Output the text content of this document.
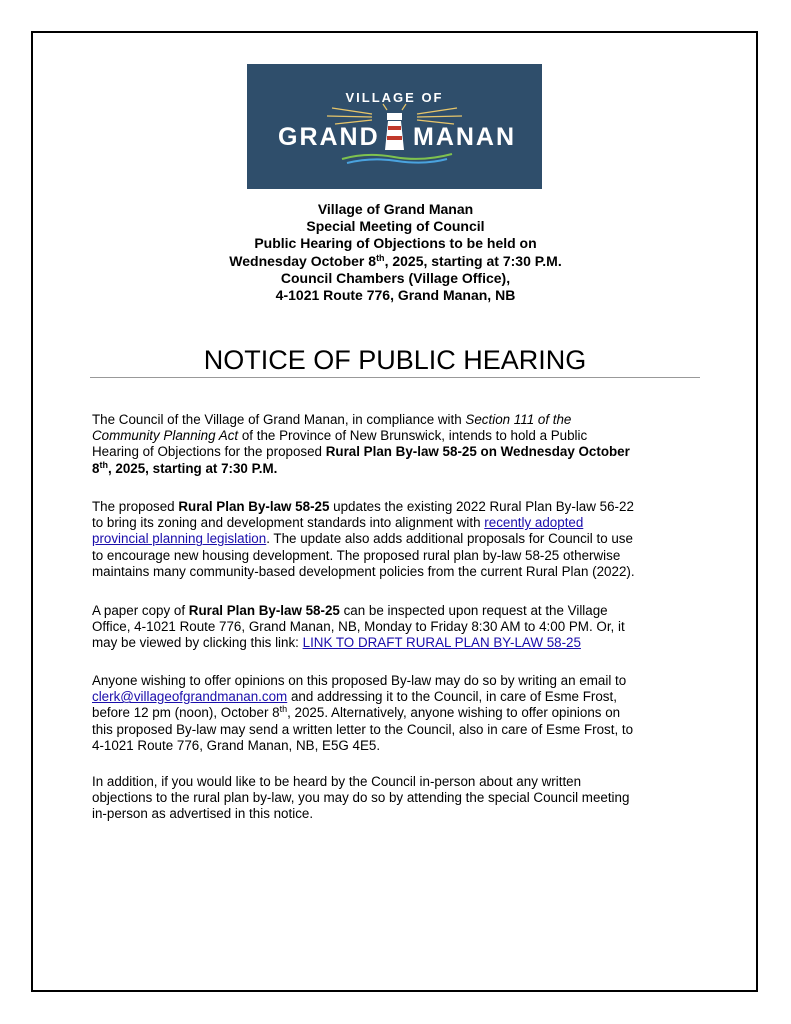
VILLAGE OF
GRAND MANAN
Village of Grand Manan
Special Meeting of Council
Public Hearing of Objections to be held on
Wednesday October 8th, 2025, starting at 7:30 P.M.
Council Chambers (Village Office),
4-1021 Route 776, Grand Manan, NB
NOTICE OF PUBLIC HEARING
The Council of the Village of Grand Manan, in compliance with Section 111 of the
Community Planning Act of the Province of New Brunswick, intends to hold a Public
Hearing of Objections for the proposed Rural Plan By-law 58-25 on Wednesday October
8th, 2025, starting at 7:30 P.M.
The proposed Rural Plan By-law 58-25 updates the existing 2022 Rural Plan By-law 56-22
to bring its zoning and development standards into alignment with recently adopted
provincial planning legislation. The update also adds additional proposals for Council to use
to encourage new housing development. The proposed rural plan by-law 58-25 otherwise
maintains many community-based development policies from the current Rural Plan (2022).
A paper copy of Rural Plan By-law 58-25 can be inspected upon request at the Village
Office, 4-1021 Route 776, Grand Manan, NB, Monday to Friday 8:30 AM to 4:00 PM. Or, it
may be viewed by clicking this link: LINK TO DRAFT RURAL PLAN BY-LAW 58-25
Anyone wishing to offer opinions on this proposed By-law may do so by writing an email to
clerk@villageofgrandmanan.com and addressing it to the Council, in care of Esme Frost,
before 12 pm (noon), October 8th, 2025. Alternatively, anyone wishing to offer opinions on
this proposed By-law may send a written letter to the Council, also in care of Esme Frost, to
4-1021 Route 776, Grand Manan, NB, E5G 4E5.
In addition, if you would like to be heard by the Council in-person about any written
objections to the rural plan by-law, you may do so by attending the special Council meeting
in-person as advertised in this notice.
